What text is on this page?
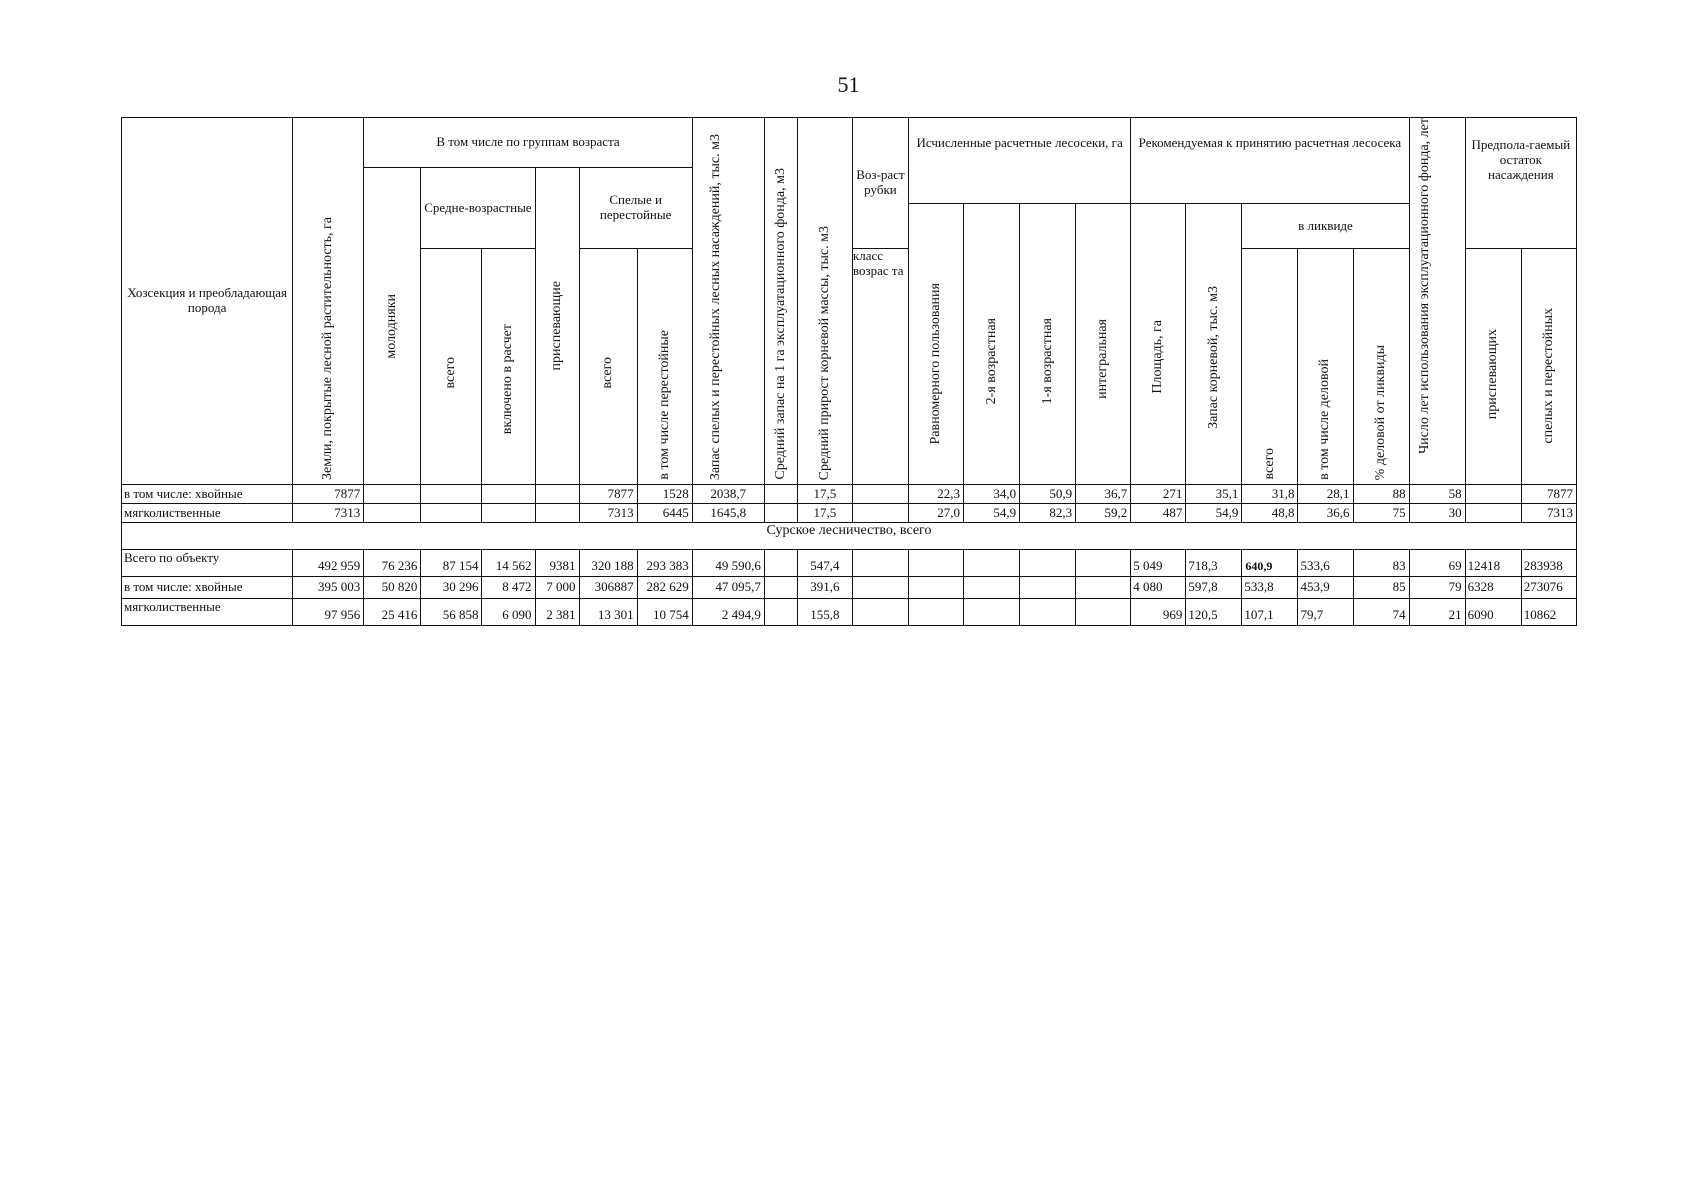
51
Хозсекция и преобладающая порода	Земли, покрытые лесной растительность, га	В том числе по группам возраста						Запас спелых и перестойных лесных насаждений, тыс. м3	Средний запас на 1 га эксплуатационного фонда, м3	Средний прирост корневой массы, тыс. м3	Воз-раст рубки	Исчисленные расчетные лесосеки, га				Рекомендуемая к принятию расчетная лесосека					Число лет использования эксплуатационного фонда, лет	Предпола-гаемый остаток насаждения	

		молодняки	Средне-возрастные		приспевающие	Спелые и перестойные																	

												Равномерного пользования	2-я возрастная	1-я возрастная	интегральная	Площадь, га	Запас корневой, тыс. м3	в ликвиде					

			всего	включено в расчет		всего	в том числе перестойные				класс возрас та							всего	в том числе деловой	% деловой от ликвиды		приспевающих	спелых и перестойных

в том числе: хвойные	7877					7877	1528	2038,7		17,5		22,3	34,0	50,9	36,7	271	35,1	31,8	28,1	88	58		7877
мягколиственные	7313					7313	6445	1645,8		17,5		27,0	54,9	82,3	59,2	487	54,9	48,8	36,6	75	30		7313
Сурское лесничество, всего																							
Всего по объекту	492 959	76 236	87 154	14 562	9381	320 188	293 383	49 590,6		547,4						5 049	718,3	640,9	533,6	83	69	12418	283938
в том числе: хвойные	395 003	50 820	30 296	8 472	7 000	306887	282 629	47 095,7		391,6						4 080	597,8	533,8	453,9	85	79	6328	273076
мягколиственные	97 956	25 416	56 858	6 090	2 381	13 301	10 754	2 494,9		155,8						969	120,5	107,1	79,7	74	21	6090	10862
